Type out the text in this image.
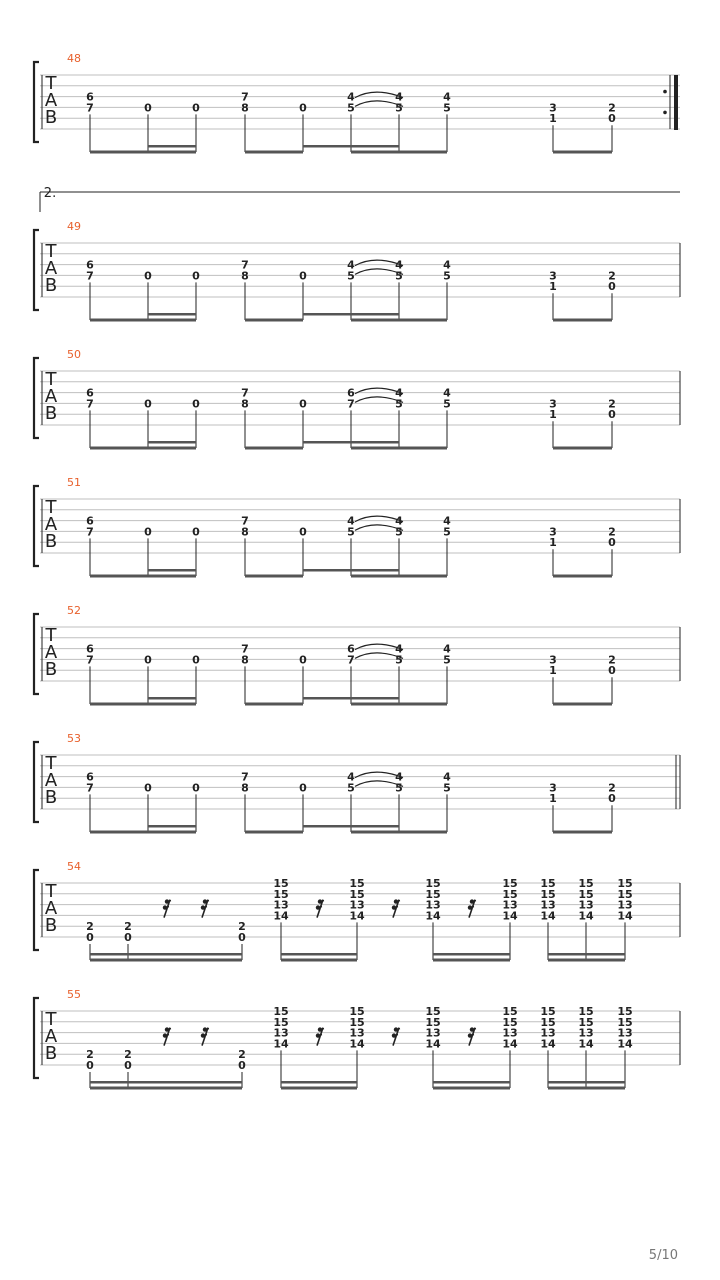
T
A
B
48
6
7	0	0
7
8	0
4
5
4
5
4
5	3
1
2
0
T
A
B
49
2.
6
7	0	0
7
8	0
4
5
4
5
4
5	3
1
2
0
T
A
B
50
6
7	0	0
7
8	0
6
7
4
5
4
5	3
1
2
0
T
A
B
51
6
7	0	0
7
8	0
4
5
4
5
4
5	3
1
2
0
T
A
B
52
6
7	0	0
7
8	0
6
7
4
5
4
5	3
1
2
0
T
A
B
53
6
7	0	0
7
8	0
4
5
4
5
4
5	3
1
2
0
T
A
B
54
2
0
2
0
2
0
15
15
13
14
15
15
13
14
15
15
13
14
15
15
13
14
15
15
13
14
15
15
13
14
15
15
13
14
T
A
B
55
2
0
2
0
2
0
15
15
13
14
15
15
13
14
15
15
13
14
15
15
13
14
15
15
13
14
15
15
13
14
15
15
13
14
5/10
